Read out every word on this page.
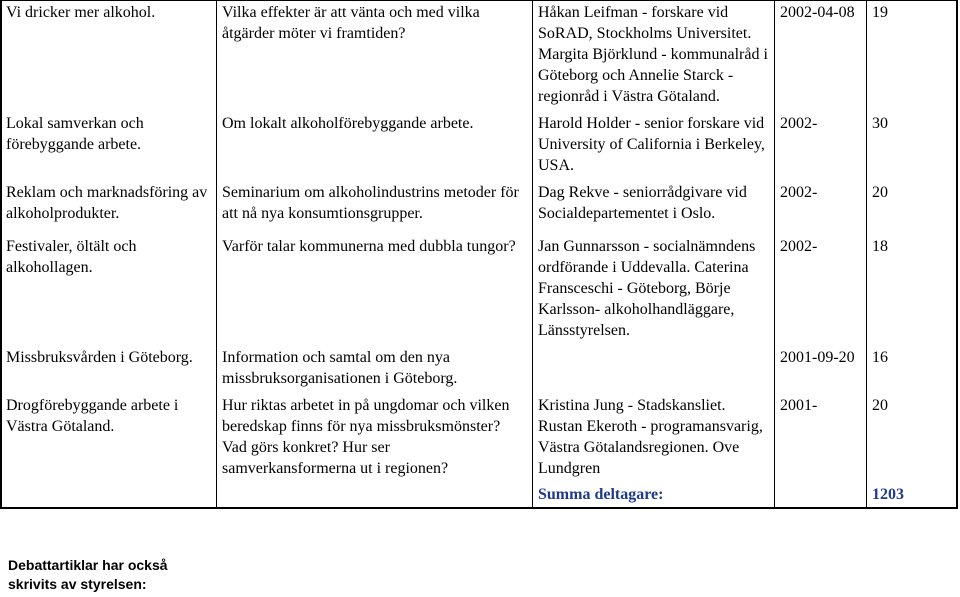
Vi dricker mer alkohol.	Vilka effekter är att vänta och med vilka åtgärder möter vi framtiden?	Håkan Leifman - forskare vid SoRAD, Stockholms Universitet. Margita Björklund - kommunalråd i Göteborg och Annelie Starck - regionråd i Västra Götaland.	2002-04-08	19
Lokal samverkan och förebyggande arbete.	Om lokalt alkoholförebyggande arbete.	Harold Holder - senior forskare vid University of California i Berkeley, USA.	2002-	30
Reklam och marknadsföring av alkoholprodukter.	Seminarium om alkoholindustrins metoder för att nå nya konsumtionsgrupper.	Dag Rekve - seniorrådgivare vid Socialdepartementet i Oslo.	2002-	20
Festivaler, öltält och alkohollagen.	Varför talar kommunerna med dubbla tungor?	Jan Gunnarsson - socialnämndens ordförande i Uddevalla. Caterina Fransceschi - Göteborg, Börje Karlsson- alkoholhandläggare, Länsstyrelsen.	2002-	18
Missbruksvården i Göteborg.	Information och samtal om den nya missbruksorganisationen i Göteborg.		2001-09-20	16
Drogförebyggande arbete i Västra Götaland.	Hur riktas arbetet in på ungdomar och vilken beredskap finns för nya missbruksmönster? Vad görs konkret? Hur ser samverkansformerna ut i regionen?	Kristina Jung - Stadskansliet. Rustan Ekeroth - programansvarig, Västra Götalandsregionen. Ove Lundgren	2001-	20
		Summa deltagare:		1203
Debattartiklar har också
skrivits av styrelsen:
